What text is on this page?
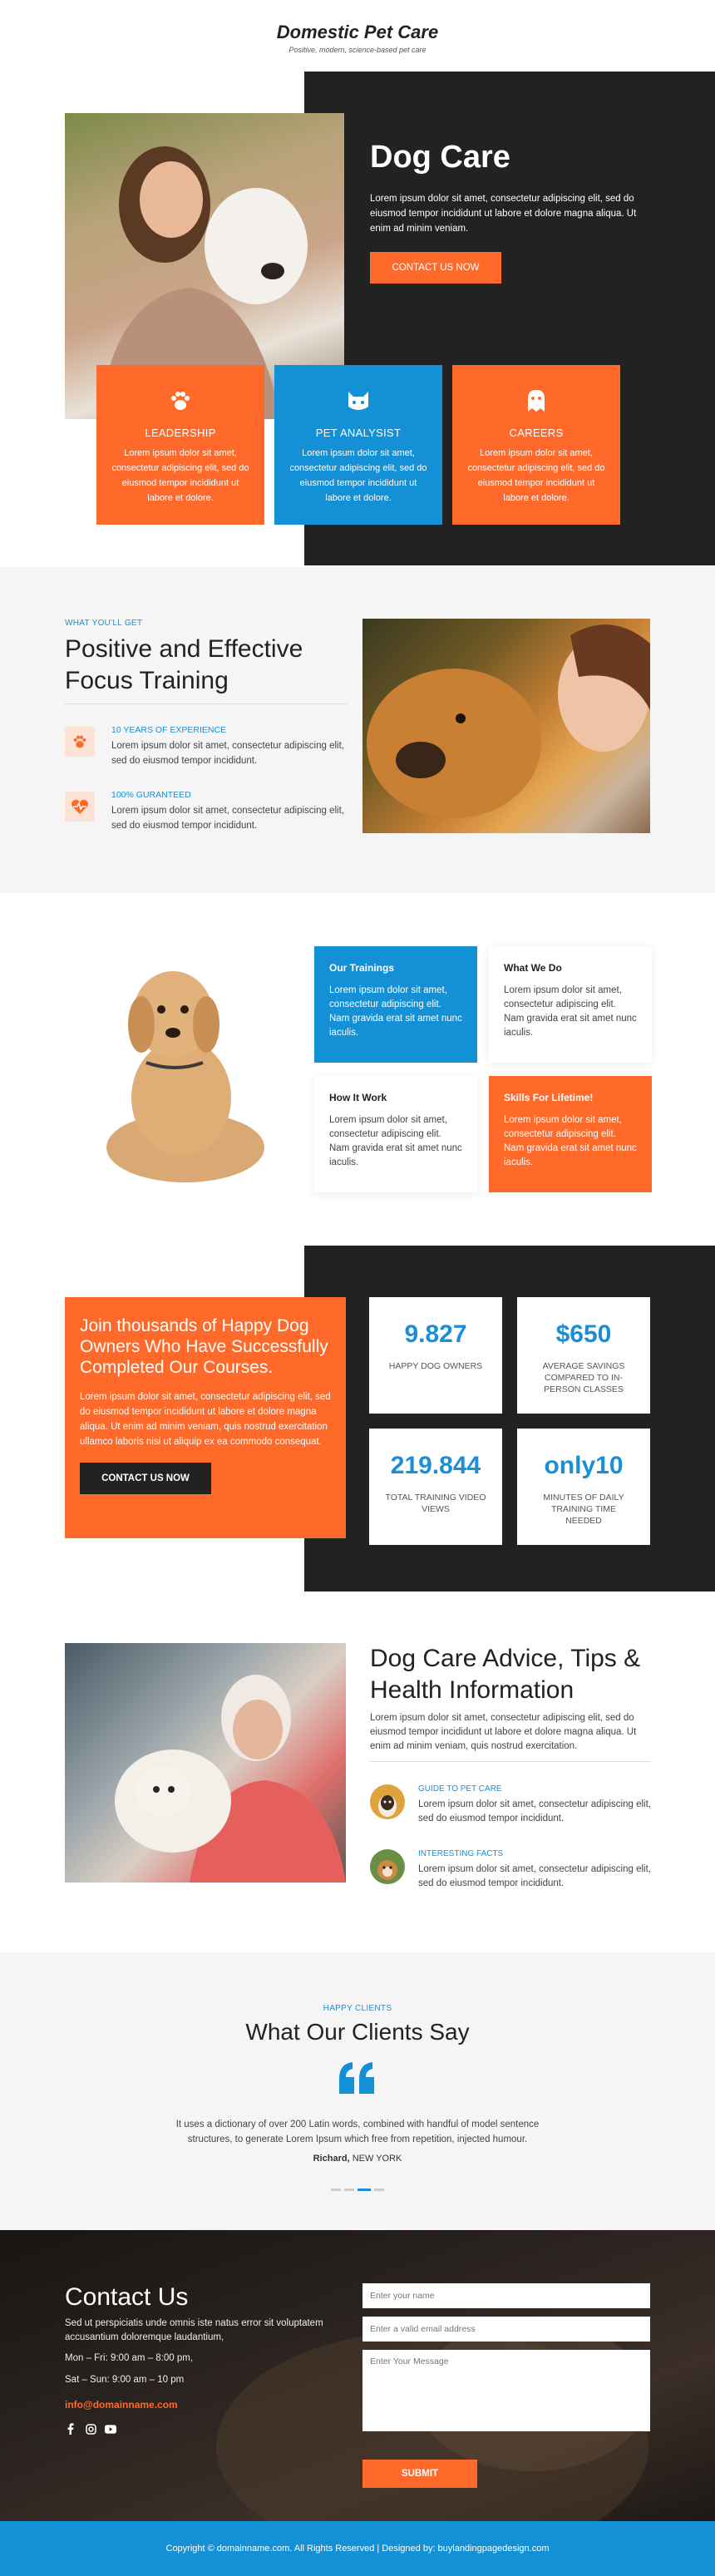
Domestic Pet Care
Positive, modern, science-based pet care
Dog Care
Lorem ipsum dolor sit amet, consectetur adipiscing elit, sed do eiusmod tempor incididunt ut labore et dolore magna aliqua. Ut enim ad minim veniam.
CONTACT US NOW
LEADERSHIP

Lorem ipsum dolor sit amet, consectetur adipiscing elit, sed do eiusmod tempor incididunt ut labore et dolore.

PET ANALYSIST

Lorem ipsum dolor sit amet, consectetur adipiscing elit, sed do eiusmod tempor incididunt ut labore et dolore.

CAREERS

Lorem ipsum dolor sit amet, consectetur adipiscing elit, sed do eiusmod tempor incididunt ut labore et dolore.

WHAT YOU'LL GET
Positive and Effective Focus Training
10 YEARS OF EXPERIENCE
Lorem ipsum dolor sit amet, consectetur adipiscing elit, sed do eiusmod tempor incididunt.
100% GURANTEED
Lorem ipsum dolor sit amet, consectetur adipiscing elit, sed do eiusmod tempor incididunt.
Our Trainings
Lorem ipsum dolor sit amet, consectetur adipiscing elit. Nam gravida erat sit amet nunc iaculis.
What We Do
Lorem ipsum dolor sit amet, consectetur adipiscing elit. Nam gravida erat sit amet nunc iaculis.
How It Work
Lorem ipsum dolor sit amet, consectetur adipiscing elit. Nam gravida erat sit amet nunc iaculis.
Skills For Lifetime!
Lorem ipsum dolor sit amet, consectetur adipiscing elit. Nam gravida erat sit amet nunc iaculis.
Join thousands of Happy Dog Owners Who Have Successfully Completed Our Courses.

Lorem ipsum dolor sit amet, consectetur adipiscing elit, sed do eiusmod tempor incididunt ut labore et dolore magna aliqua. Ut enim ad minim veniam, quis nostrud exercitation ullamco laboris nisi ut aliquip ex ea commodo consequat.

CONTACT US NOW
9.827
HAPPY DOG OWNERS
$650
AVERAGE SAVINGS COMPARED TO IN-PERSON CLASSES
219.844
TOTAL TRAINING VIDEO VIEWS
only10
MINUTES OF DAILY TRAINING TIME NEEDED
Dog Care Advice, Tips & Health Information
Lorem ipsum dolor sit amet, consectetur adipiscing elit, sed do eiusmod tempor incididunt ut labore et dolore magna aliqua. Ut enim ad minim veniam, quis nostrud exercitation.
GUIDE TO PET CARE
Lorem ipsum dolor sit amet, consectetur adipiscing elit, sed do eiusmod tempor incididunt.
INTERESTING FACTS
Lorem ipsum dolor sit amet, consectetur adipiscing elit, sed do eiusmod tempor incididunt.
HAPPY CLIENTS
What Our Clients Say
It uses a dictionary of over 200 Latin words, combined with handful of model sentence structures, to generate Lorem Ipsum which free from repetition, injected humour.
Richard, NEW YORK
Contact Us
Sed ut perspiciatis unde omnis iste natus error sit voluptatem accusantium doloremque laudantium,
Mon – Fri: 9:00 am – 8:00 pm,
Sat – Sun: 9:00 am – 10 pm
info@domainname.com
Enter your name
Enter a valid email address
Enter Your Message
SUBMIT
Copyright © domainname.com. All Rights Reserved | Designed by: buylandingpagedesign.com
